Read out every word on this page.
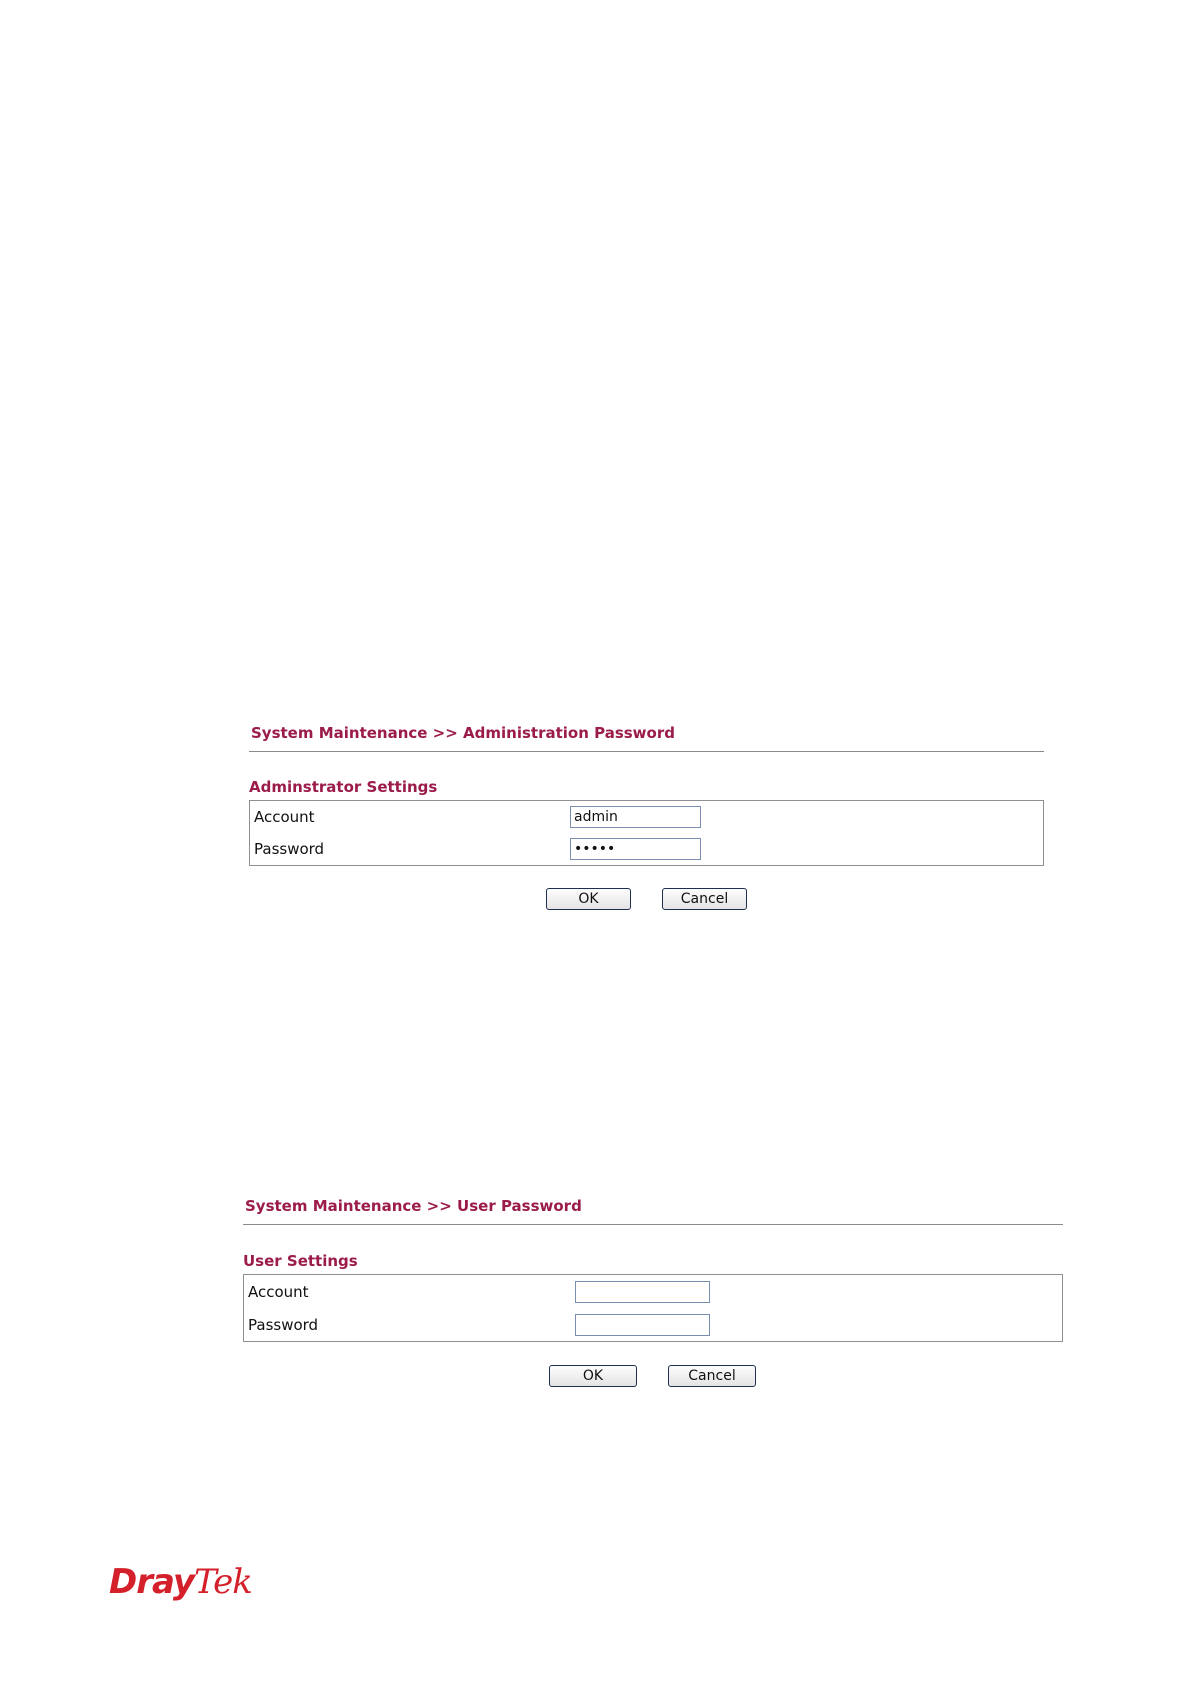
System Maintenance >> Administration Password
Adminstrator Settings
Account
admin
Password
OK	Cancel
System Maintenance >> User Password
User Settings
Account
Password
OK	Cancel
DrayTek
